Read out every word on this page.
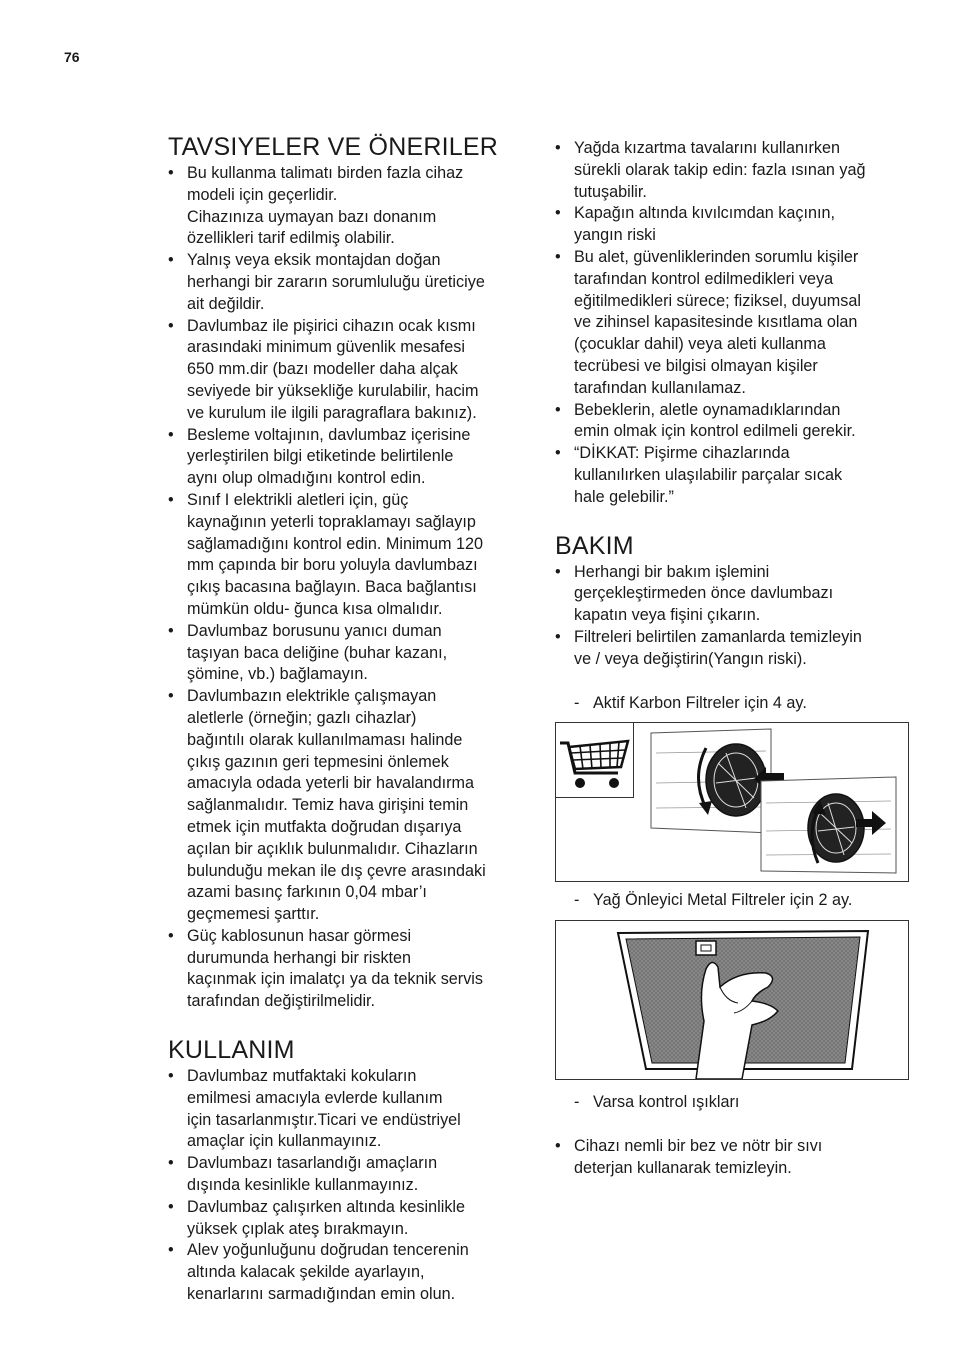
76
TAVSIYELER VE ÖNERILER
• Bu kullanma talimatı birden fazla cihaz
modeli için geçerlidir.
Cihazınıza uymayan bazı donanım
özellikleri tarif edilmiş olabilir.
• Yalnış veya eksik montajdan doğan
herhangi bir zararın sorumluluğu üreticiye
ait değildir.
• Davlumbaz ile pişirici cihazın ocak kısmı
arasındaki minimum güvenlik mesafesi
650 mm.dir (bazı modeller daha alçak
seviyede bir yüksekliğe kurulabilir, hacim
ve kurulum ile ilgili paragraflara bakınız).
• Besleme voltajının, davlumbaz içerisine
yerleştirilen bilgi etiketinde belirtilenle
aynı olup olmadığını kontrol edin.
• Sınıf I elektrikli aletleri için, güç
kaynağının yeterli topraklamayı sağlayıp
sağlamadığını kontrol edin. Minimum 120
mm çapında bir boru yoluyla davlumbazı
çıkış bacasına bağlayın. Baca bağlantısı
mümkün oldu- ğunca kısa olmalıdır.
• Davlumbaz borusunu yanıcı duman
taşıyan baca deliğine (buhar kazanı,
şömine, vb.) bağlamayın.
• Davlumbazın elektrikle çalışmayan
aletlerle (örneğin; gazlı cihazlar)
bağıntılı olarak kullanılmaması halinde
çıkış gazının geri tepmesini önlemek
amacıyla odada yeterli bir havalandırma
sağlanmalıdır. Temiz hava girişini temin
etmek için mutfakta doğrudan dışarıya
açılan bir açıklık bulunmalıdır. Cihazların
bulunduğu mekan ile dış çevre arasındaki
azami basınç farkının 0,04 mbar’ı
geçmemesi şarttır.
• Güç kablosunun hasar görmesi
durumunda herhangi bir riskten
kaçınmak için imalatçı ya da teknik servis
tarafından değiştirilmelidir.
KULLANIM
• Davlumbaz mutfaktaki kokuların
emilmesi amacıyla evlerde kullanım
için tasarlanmıştır.Ticari ve endüstriyel
amaçlar için kullanmayınız.
• Davlumbazı tasarlandığı amaçların
dışında kesinlikle kullanmayınız.
• Davlumbaz çalışırken altında kesinlikle
yüksek çıplak ateş bırakmayın.
• Alev yoğunluğunu doğrudan tencerenin
altında kalacak şekilde ayarlayın,
kenarlarını sarmadığından emin olun.
• Yağda kızartma tavalarını kullanırken
sürekli olarak takip edin: fazla ısınan yağ
tutuşabilir.
• Kapağın altında kıvılcımdan kaçının,
yangın riski
• Bu alet, güvenliklerinden sorumlu kişiler
tarafından kontrol edilmedikleri veya
eğitilmedikleri sürece; fiziksel, duyumsal
ve zihinsel kapasitesinde kısıtlama olan
(çocuklar dahil) veya aleti kullanma
tecrübesi ve bilgisi olmayan kişiler
tarafından kullanılamaz.
• Bebeklerin, aletle oynamadıklarından
emin olmak için kontrol edilmeli gerekir.
• “DİKKAT: Pişirme cihazlarında
kullanılırken ulaşılabilir parçalar sıcak
hale gelebilir.”
BAKIM
• Herhangi bir bakım işlemini
gerçekleştirmeden önce davlumbazı
kapatın veya fişini çıkarın.
• Filtreleri belirtilen zamanlarda temizleyin
ve / veya değiştirin(Yangın riski).
- Aktif Karbon Filtreler için 4 ay.
- Yağ Önleyici Metal Filtreler için 2 ay.
- Varsa kontrol ışıkları
• Cihazı nemli bir bez ve nötr bir sıvı
deterjan kullanarak temizleyin.
